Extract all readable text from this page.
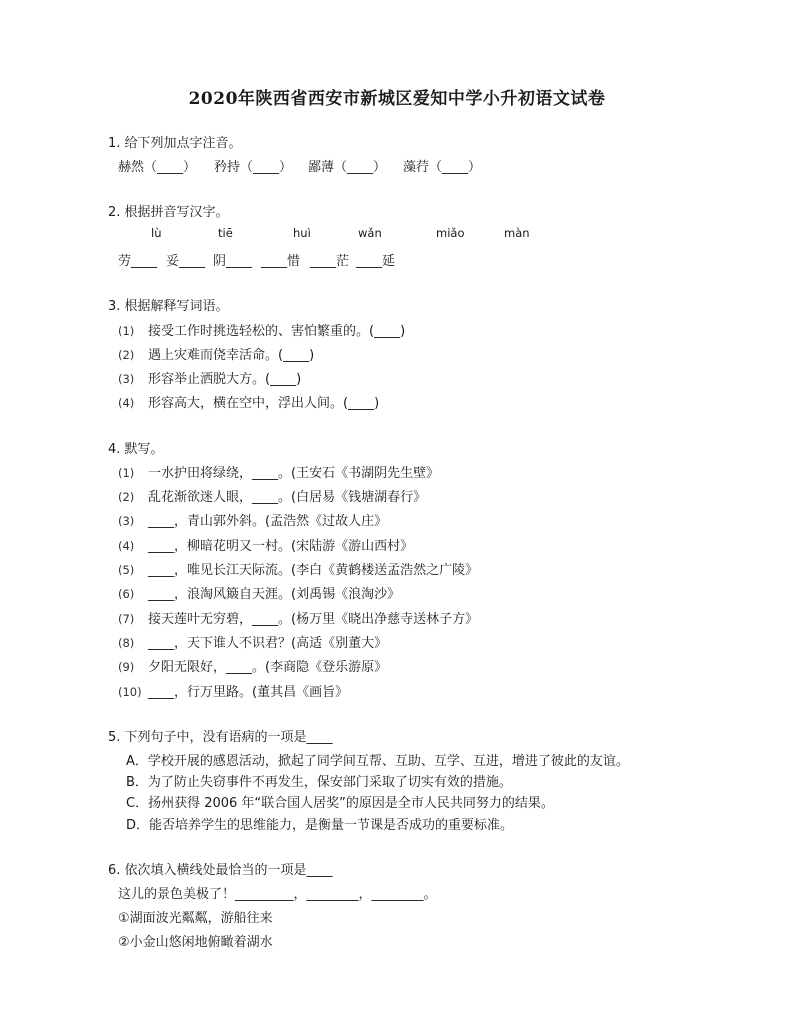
2020年陕西省西安市新城区爱知中学小升初语文试卷
1. 给下列加点字注音。
赫然（____） 矜持（____） 鄙薄（____） 藻荇（____）
2. 根据拼音写汉字。
lù	tiē	huì	wǎn	miǎo	màn
劳____ 妥____ 阴____ ____惜 ____茫 ____延
3. 根据解释写词语。
(1) 接受工作时挑选轻松的、害怕繁重的。(____)
(2) 遇上灾难而侥幸活命。(____)
(3) 形容举止洒脱大方。(____)
(4) 形容高大，横在空中，浮出人间。(____)
4. 默写。
(1) 一水护田将绿绕，____。(王安石《书湖阴先生壁》
(2) 乱花渐欲迷人眼，____。(白居易《钱塘湖春行》
(3) ____，青山郭外斜。(孟浩然《过故人庄》
(4) ____，柳暗花明又一村。(宋陆游《游山西村》
(5) ____，唯见长江天际流。(李白《黄鹤楼送孟浩然之广陵》
(6) ____，浪淘风簸自天涯。(刘禹锡《浪淘沙》
(7) 接天莲叶无穷碧，____。(杨万里《晓出净慈寺送林子方》
(8) ____，天下谁人不识君？(高适《别董大》
(9) 夕阳无限好，____。(李商隐《登乐游原》
(10) ____，行万里路。(董其昌《画旨》
5. 下列句子中，没有语病的一项是____
A．学校开展的感恩活动，掀起了同学间互帮、互助、互学、互进，增进了彼此的友谊。
B．为了防止失窃事件不再发生，保安部门采取了切实有效的措施。
C．扬州获得 2006 年“联合国人居奖”的原因是全市人民共同努力的结果。
D．能否培养学生的思维能力，是衡量一节课是否成功的重要标准。
6. 依次填入横线处最恰当的一项是____
这儿的景色美极了！_________，________，________。
①湖面波光粼粼，游船往来
②小金山悠闲地俯瞰着湖水
